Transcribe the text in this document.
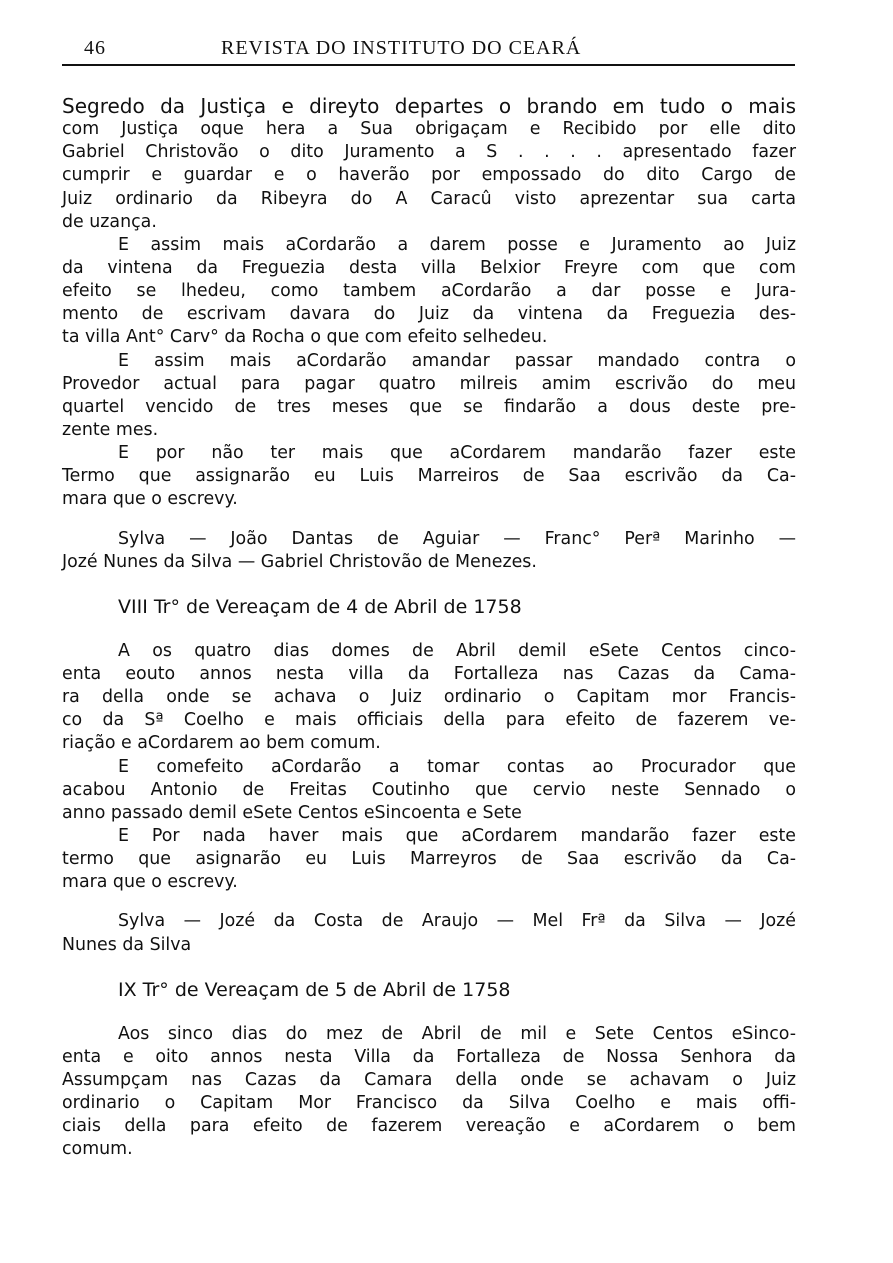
46	REVISTA DO INSTITUTO DO CEARÁ
Segredo da Justiça e direyto departes o brando em tudo o mais
com Justiça oque hera a Sua obrigaçam e Recibido por elle dito
Gabriel Christovão o dito Juramento a S . . . . apresentado fazer
cumprir e guardar e o haverão por empossado do dito Cargo de
Juiz ordinario da Ribeyra do A Caracû visto aprezentar sua carta
de uzança.
E assim mais aCordarão a darem posse e Juramento ao Juiz
da vintena da Freguezia desta villa Belxior Freyre com que com
efeito se lhedeu, como tambem aCordarão a dar posse e Jura-
mento de escrivam davara do Juiz da vintena da Freguezia des-
ta villa Ant° Carv° da Rocha o que com efeito selhedeu.
E assim mais aCordarão amandar passar mandado contra o
Provedor actual para pagar quatro milreis amim escrivão do meu
quartel vencido de tres meses que se findarão a dous deste pre-
zente mes.
E por não ter mais que aCordarem mandarão fazer este
Termo que assignarão eu Luis Marreiros de Saa escrivão da Ca-
mara que o escrevy.
Sylva — João Dantas de Aguiar — Franc° Perª Marinho —
Jozé Nunes da Silva — Gabriel Christovão de Menezes.
VIII Tr° de Vereaçam de 4 de Abril de 1758
A os quatro dias domes de Abril demil eSete Centos cinco-
enta eouto annos nesta villa da Fortalleza nas Cazas da Cama-
ra della onde se achava o Juiz ordinario o Capitam mor Francis-
co da Sª Coelho e mais officiais della para efeito de fazerem ve-
riação e aCordarem ao bem comum.
E comefeito aCordarão a tomar contas ao Procurador que
acabou Antonio de Freitas Coutinho que cervio neste Sennado o
anno passado demil eSete Centos eSincoenta e Sete
E Por nada haver mais que aCordarem mandarão fazer este
termo que asignarão eu Luis Marreyros de Saa escrivão da Ca-
mara que o escrevy.
Sylva — Jozé da Costa de Araujo — Mel Frª da Silva — Jozé
Nunes da Silva
IX Tr° de Vereaçam de 5 de Abril de 1758
Aos sinco dias do mez de Abril de mil e Sete Centos eSinco-
enta e oito annos nesta Villa da Fortalleza de Nossa Senhora da
Assumpçam nas Cazas da Camara della onde se achavam o Juiz
ordinario o Capitam Mor Francisco da Silva Coelho e mais offi-
ciais della para efeito de fazerem vereação e aCordarem o bem
comum.
